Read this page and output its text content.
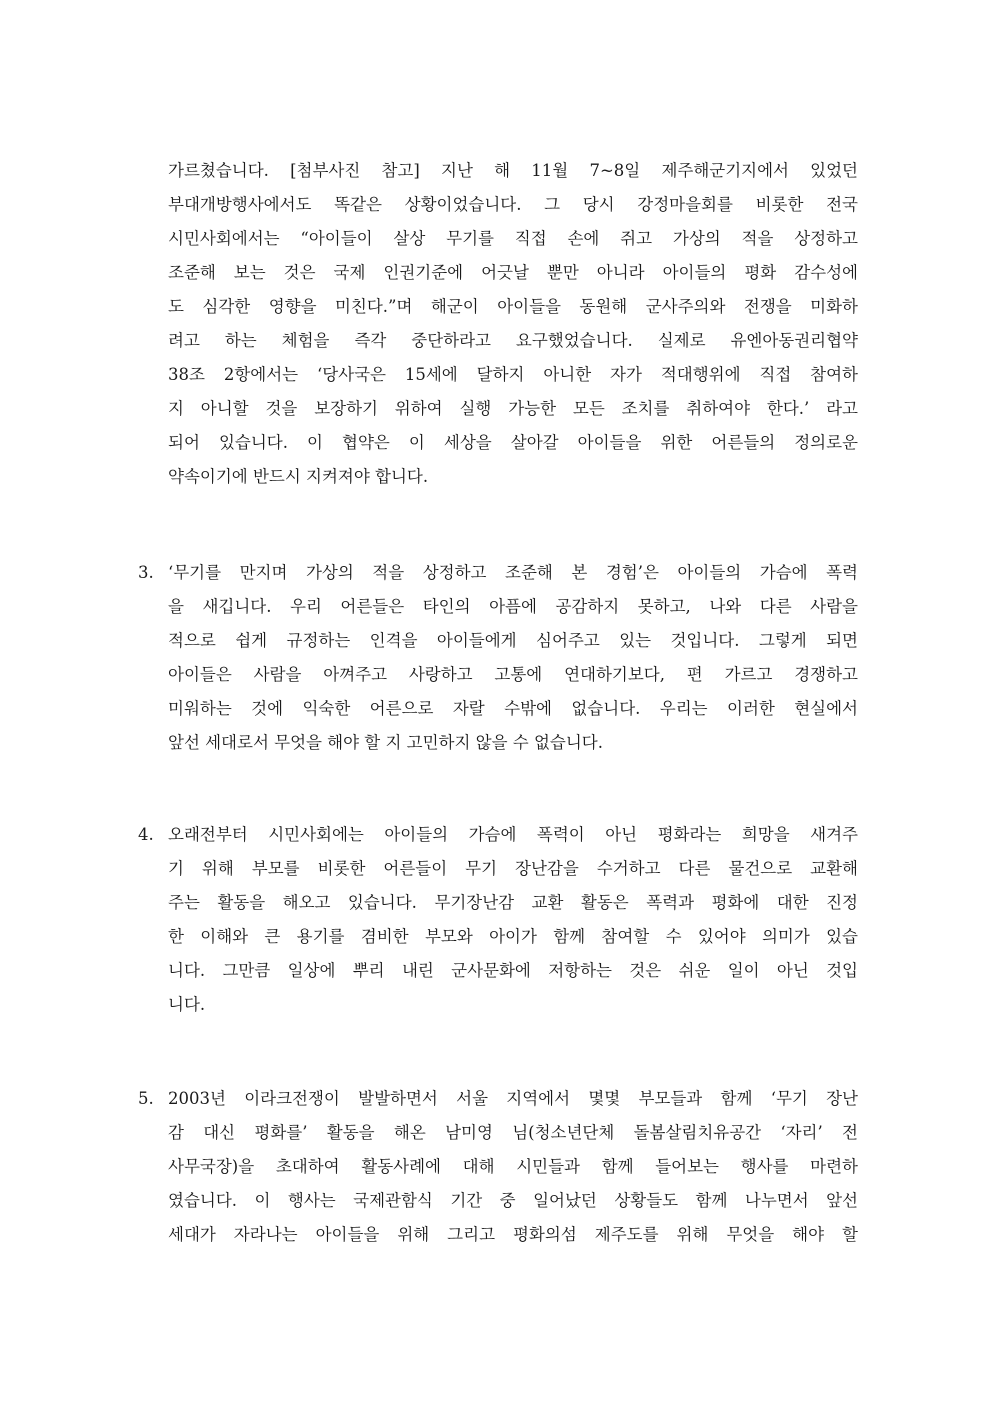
가르쳤습니다. [첨부사진 참고] 지난 해 11월 7~8일 제주해군기지에서 있었던
부대개방행사에서도 똑같은 상황이었습니다. 그 당시 강정마을회를 비롯한 전국
시민사회에서는 “아이들이 살상 무기를 직접 손에 쥐고 가상의 적을 상정하고
조준해 보는 것은 국제 인권기준에 어긋날 뿐만 아니라 아이들의 평화 감수성에
도 심각한 영향을 미친다.”며 해군이 아이들을 동원해 군사주의와 전쟁을 미화하
려고 하는 체험을 즉각 중단하라고 요구했었습니다. 실제로 유엔아동권리협약
38조 2항에서는 ‘당사국은 15세에 달하지 아니한 자가 적대행위에 직접 참여하
지 아니할 것을 보장하기 위하여 실행 가능한 모든 조치를 취하여야 한다.’ 라고
되어 있습니다. 이 협약은 이 세상을 살아갈 아이들을 위한 어른들의 정의로운
약속이기에 반드시 지켜져야 합니다.
3. ‘무기를 만지며 가상의 적을 상정하고 조준해 본 경험’은 아이들의 가슴에 폭력
을 새깁니다. 우리 어른들은 타인의 아픔에 공감하지 못하고, 나와 다른 사람을
적으로 쉽게 규정하는 인격을 아이들에게 심어주고 있는 것입니다. 그렇게 되면
아이들은 사람을 아껴주고 사랑하고 고통에 연대하기보다, 편 가르고 경쟁하고
미워하는 것에 익숙한 어른으로 자랄 수밖에 없습니다. 우리는 이러한 현실에서
앞선 세대로서 무엇을 해야 할 지 고민하지 않을 수 없습니다.
4. 오래전부터 시민사회에는 아이들의 가슴에 폭력이 아닌 평화라는 희망을 새겨주
기 위해 부모를 비롯한 어른들이 무기 장난감을 수거하고 다른 물건으로 교환해
주는 활동을 해오고 있습니다. 무기장난감 교환 활동은 폭력과 평화에 대한 진정
한 이해와 큰 용기를 겸비한 부모와 아이가 함께 참여할 수 있어야 의미가 있습
니다. 그만큼 일상에 뿌리 내린 군사문화에 저항하는 것은 쉬운 일이 아닌 것입
니다.
5. 2003년 이라크전쟁이 발발하면서 서울 지역에서 몇몇 부모들과 함께 ‘무기 장난
감 대신 평화를’ 활동을 해온 남미영 님(청소년단체 돌봄살림치유공간 ‘자리’ 전
사무국장)을 초대하여 활동사례에 대해 시민들과 함께 들어보는 행사를 마련하
였습니다. 이 행사는 국제관함식 기간 중 일어났던 상황들도 함께 나누면서 앞선
세대가 자라나는 아이들을 위해 그리고 평화의섬 제주도를 위해 무엇을 해야 할
